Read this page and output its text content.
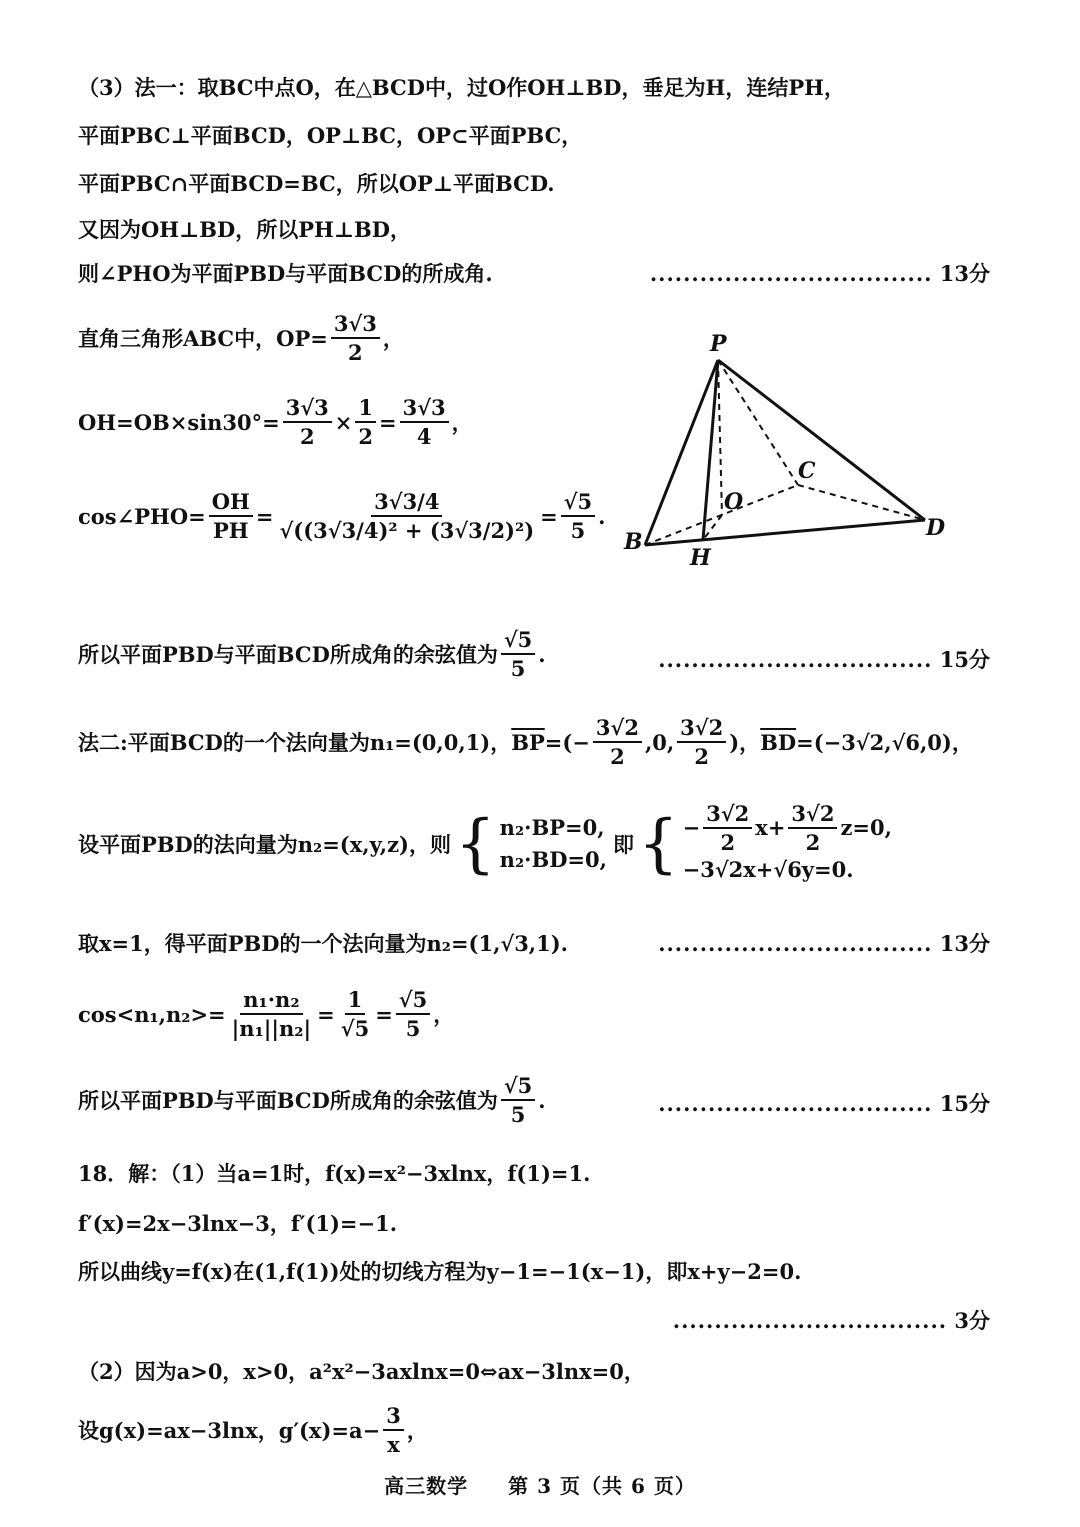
（3）法一：取BC中点O，在△BCD中，过O作OH⊥BD，垂足为H，连结PH，
平面PBC⊥平面BCD，OP⊥BC，OP⊂平面PBC，
平面PBC∩平面BCD=BC，所以OP⊥平面BCD.
又因为OH⊥BD，所以PH⊥BD，
则∠PHO为平面PBD与平面BCD的所成角.	.................................. 13分
直角三角形ABC中，$OP= \frac{3√3}{2}$ ，
$OH=OB\times\sin 30^\circ= \frac{3√3}{2} \times \frac{1}{2} = \frac{3√3}{4}$ ，
cos∠PHO= $\frac{OH}{PH} = \frac{3√3/4}{\text{√((3√3/4)² + (3√3/2)²)}} = \frac{√5}{5}$ .
所以平面PBD与平面BCD所成角的余弦值为 $\frac{√5}{5}$ .	................................. 15分
P
C
O
B
H
D
法二:平面BCD的一个法向量为n₁=(0,0,1)， $\overline{BP}$ =(− $\frac{3√2}{2} ,0$, $\frac{3√2}{2}$ )， $\overline{BD} =(-3√2,√6,0)$，
设平面PBD的法向量为n₂=(x,y,z)，则 { n₂·BP=0,
n₂·BD=0,
即 { − $\frac{3√2}{2} x+ \frac{3√2}{2} z=0$,
−3√2x+√6y=0.
取x=1，得平面PBD的一个法向量为n₂=(1,√3,1).	................................. 13分
$\cos<n_1,n_2>= \frac{\text{n₁·n₂}}{\text{|n₁||n₂|}} = \frac{1}{√5} = \frac{√5}{5}$ ，
所以平面PBD与平面BCD所成角的余弦值为 $\frac{√5}{5}$ .	................................. 15分
18．解：（1）当a=1时，f(x)=x²−3xlnx，f(1)=1.
f′(x)=2x−3lnx−3，f′(1)=−1.
所以曲线y=f(x)在(1,f(1))处的切线方程为y−1=−1(x−1)，即x+y−2=0.
................................. 3分
（2）因为a>0，x>0，a²x²−3axlnx=0⇔ax−3lnx=0，
设g(x)=ax−3lnx，$g'(x)=a- \frac{3}{x}$ ，
高三数学 第 3 页（共 6 页）
